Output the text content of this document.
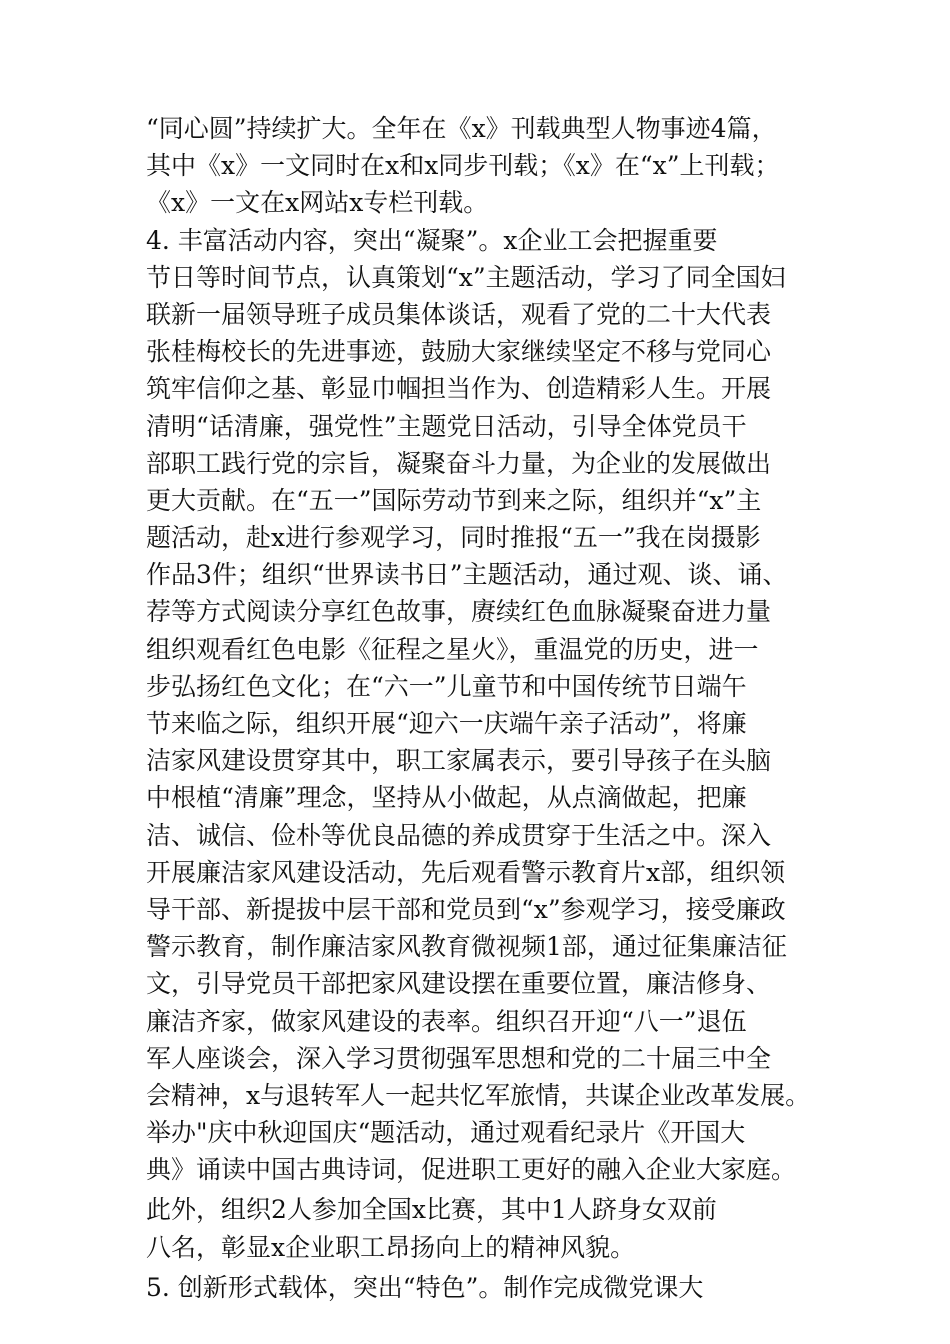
“同心圆”持续扩大。全年在《x》刊载典型人物事迹4篇，
其中《x》一文同时在x和x同步刊载；《x》在“x”上刊载；
《x》一文在x网站x专栏刊载。
4. 丰富活动内容，突出“凝聚”。x企业工会把握重要
节日等时间节点，认真策划“x”主题活动，学习了同全国妇
联新一届领导班子成员集体谈话，观看了党的二十大代表
张桂梅校长的先进事迹，鼓励大家继续坚定不移与党同心
筑牢信仰之基、彰显巾帼担当作为、创造精彩人生。开展
清明“话清廉，强党性”主题党日活动，引导全体党员干
部职工践行党的宗旨，凝聚奋斗力量，为企业的发展做出
更大贡献。在“五一”国际劳动节到来之际，组织并“x”主
题活动，赴x进行参观学习，同时推报“五一”我在岗摄影
作品3件；组织“世界读书日”主题活动，通过观、谈、诵、
荐等方式阅读分享红色故事，赓续红色血脉凝聚奋进力量
组织观看红色电影《征程之星火》，重温党的历史，进一
步弘扬红色文化；在“六一”儿童节和中国传统节日端午
节来临之际，组织开展“迎六一庆端午亲子活动”，将廉
洁家风建设贯穿其中，职工家属表示，要引导孩子在头脑
中根植“清廉”理念，坚持从小做起，从点滴做起，把廉
洁、诚信、俭朴等优良品德的养成贯穿于生活之中。深入
开展廉洁家风建设活动，先后观看警示教育片x部，组织领
导干部、新提拔中层干部和党员到“x”参观学习，接受廉政
警示教育，制作廉洁家风教育微视频1部，通过征集廉洁征
文，引导党员干部把家风建设摆在重要位置，廉洁修身、
廉洁齐家，做家风建设的表率。组织召开迎“八一”退伍
军人座谈会，深入学习贯彻强军思想和党的二十届三中全
会精神，x与退转军人一起共忆军旅情，共谋企业改革发展。
举办"庆中秋迎国庆“题活动，通过观看纪录片《开国大
典》诵读中国古典诗词，促进职工更好的融入企业大家庭。
此外，组织2人参加全国x比赛，其中1人跻身女双前
八名，彰显x企业职工昂扬向上的精神风貌。
5. 创新形式载体，突出“特色”。制作完成微党课大
